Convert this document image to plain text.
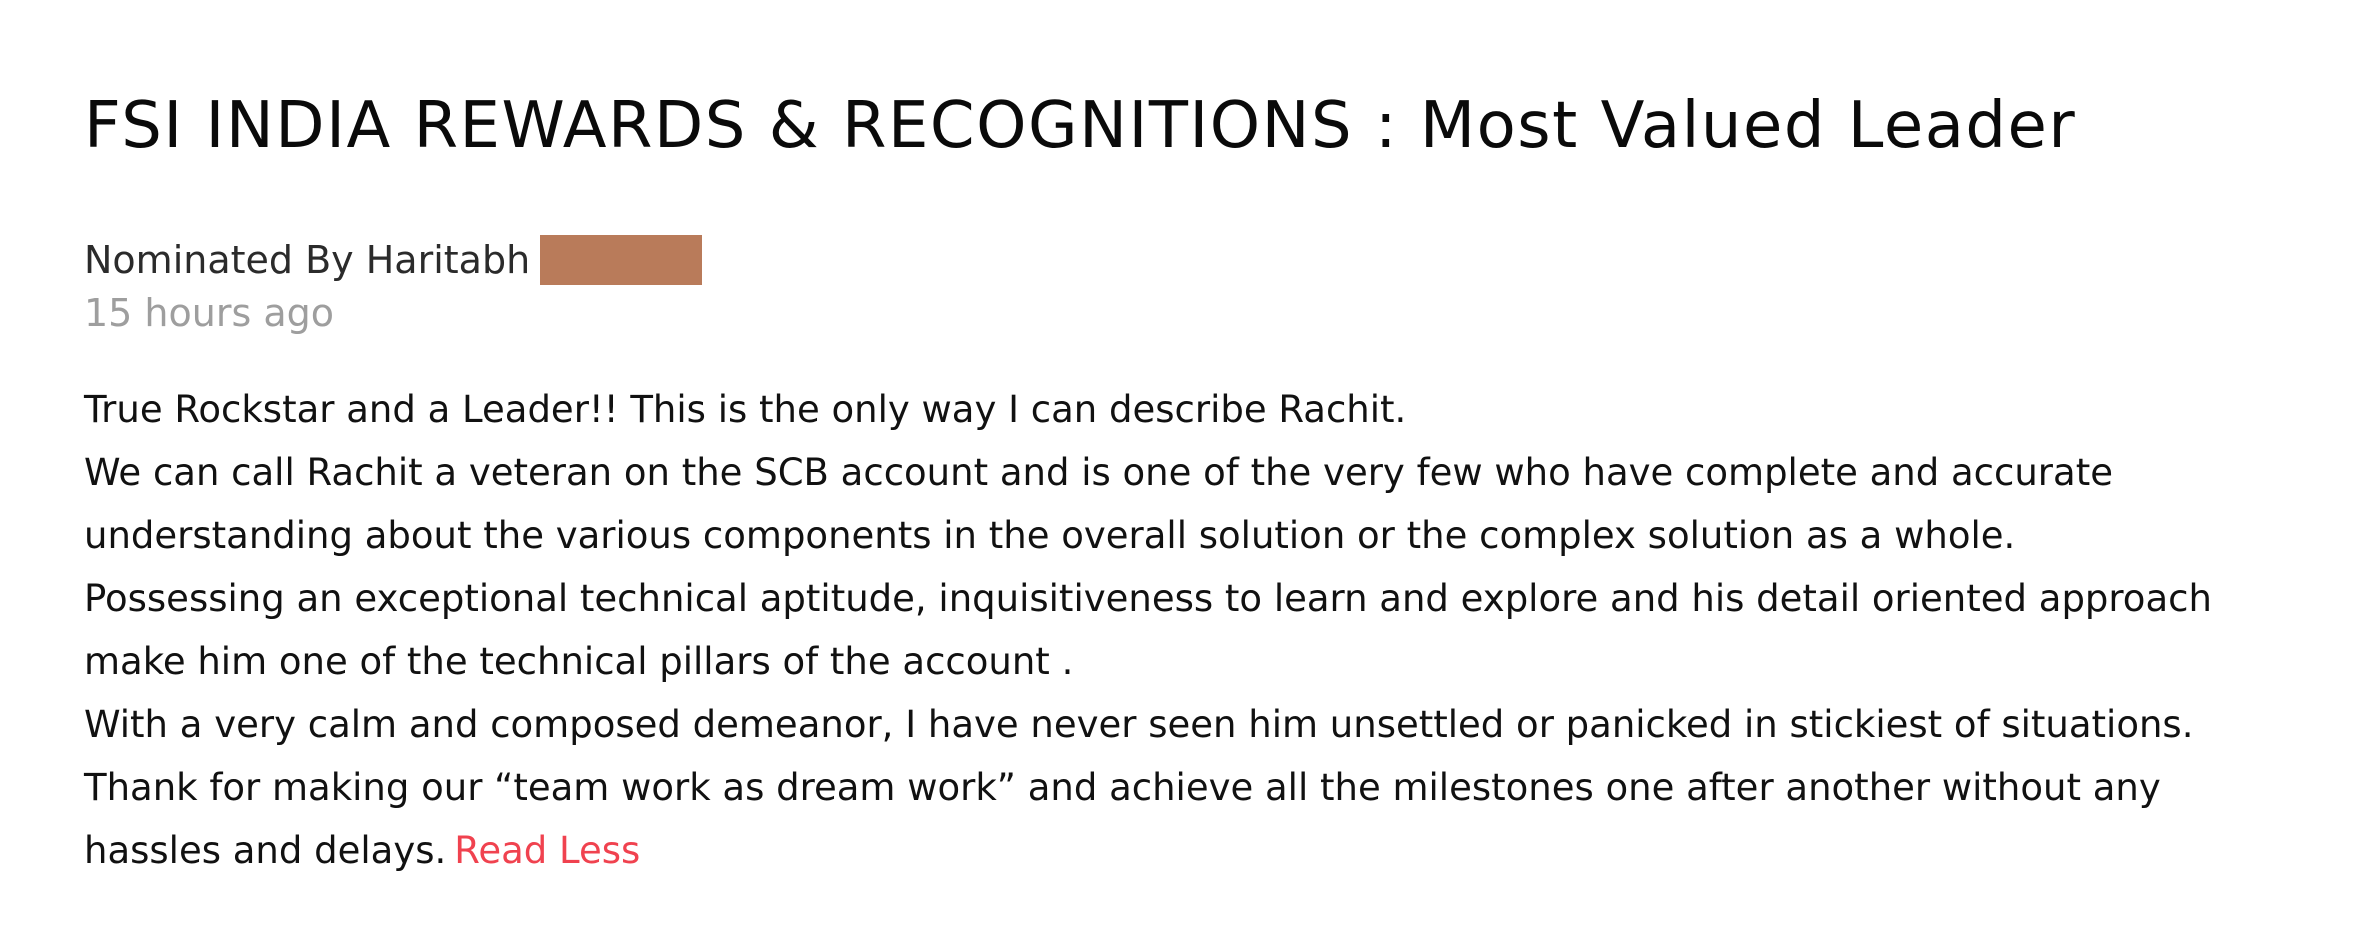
FSI INDIA REWARDS & RECOGNITIONS : Most Valued Leader
Nominated By Haritabh
15 hours ago
True Rockstar and a Leader!! This is the only way I can describe Rachit.
We can call Rachit a veteran on the SCB account and is one of the very few who have complete and accurate
understanding about the various components in the overall solution or the complex solution as a whole.
Possessing an exceptional technical aptitude, inquisitiveness to learn and explore and his detail oriented approach
make him one of the technical pillars of the account .
With a very calm and composed demeanor, I have never seen him unsettled or panicked in stickiest of situations.
Thank for making our “team work as dream work” and achieve all the milestones one after another without any
hassles and delays. Read Less
